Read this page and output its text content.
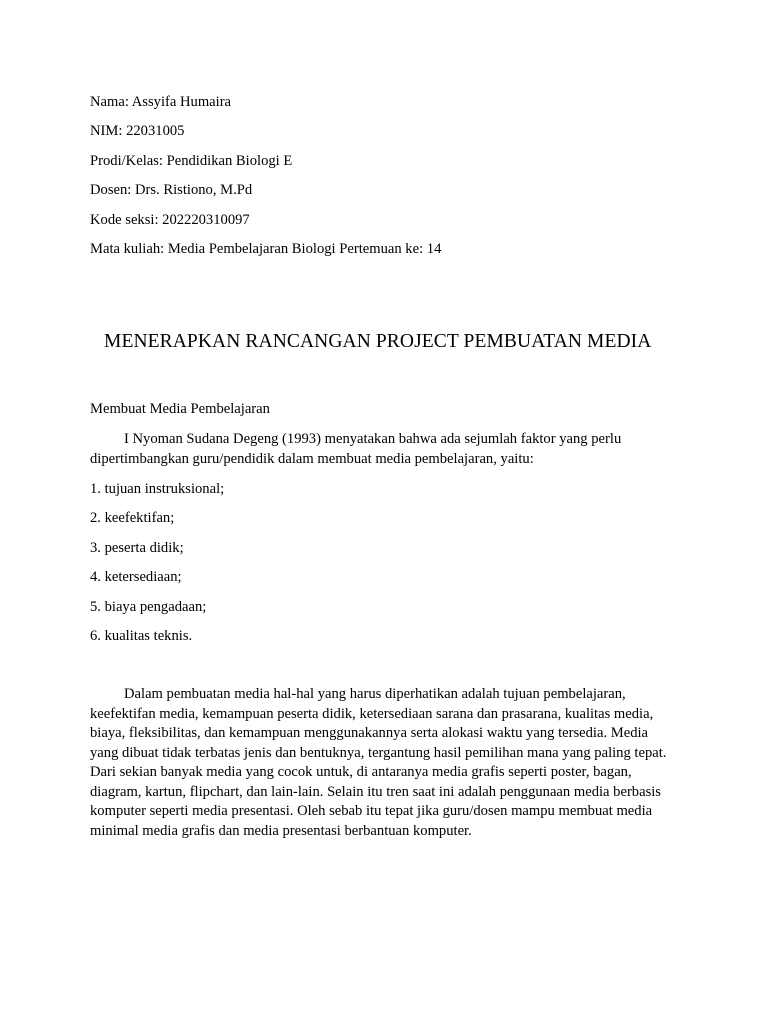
Nama: Assyifa Humaira
NIM: 22031005
Prodi/Kelas: Pendidikan Biologi E
Dosen: Drs. Ristiono, M.Pd
Kode seksi: 202220310097
Mata kuliah: Media Pembelajaran Biologi Pertemuan ke: 14
MENERAPKAN RANCANGAN PROJECT PEMBUATAN MEDIA
Membuat Media Pembelajaran
I Nyoman Sudana Degeng (1993) menyatakan bahwa ada sejumlah faktor yang perlu dipertimbangkan guru/pendidik dalam membuat media pembelajaran, yaitu:
1. tujuan instruksional;
2. keefektifan;
3. peserta didik;
4. ketersediaan;
5. biaya pengadaan;
6. kualitas teknis.
Dalam pembuatan media hal-hal yang harus diperhatikan adalah tujuan pembelajaran, keefektifan media, kemampuan peserta didik, ketersediaan sarana dan prasarana, kualitas media, biaya, fleksibilitas, dan kemampuan menggunakannya serta alokasi waktu yang tersedia. Media yang dibuat tidak terbatas jenis dan bentuknya, tergantung hasil pemilihan mana yang paling tepat. Dari sekian banyak media yang cocok untuk, di antaranya media grafis seperti poster, bagan, diagram, kartun, flipchart, dan lain-lain. Selain itu tren saat ini adalah penggunaan media berbasis komputer seperti media presentasi. Oleh sebab itu tepat jika guru/dosen mampu membuat media minimal media grafis dan media presentasi berbantuan komputer.
